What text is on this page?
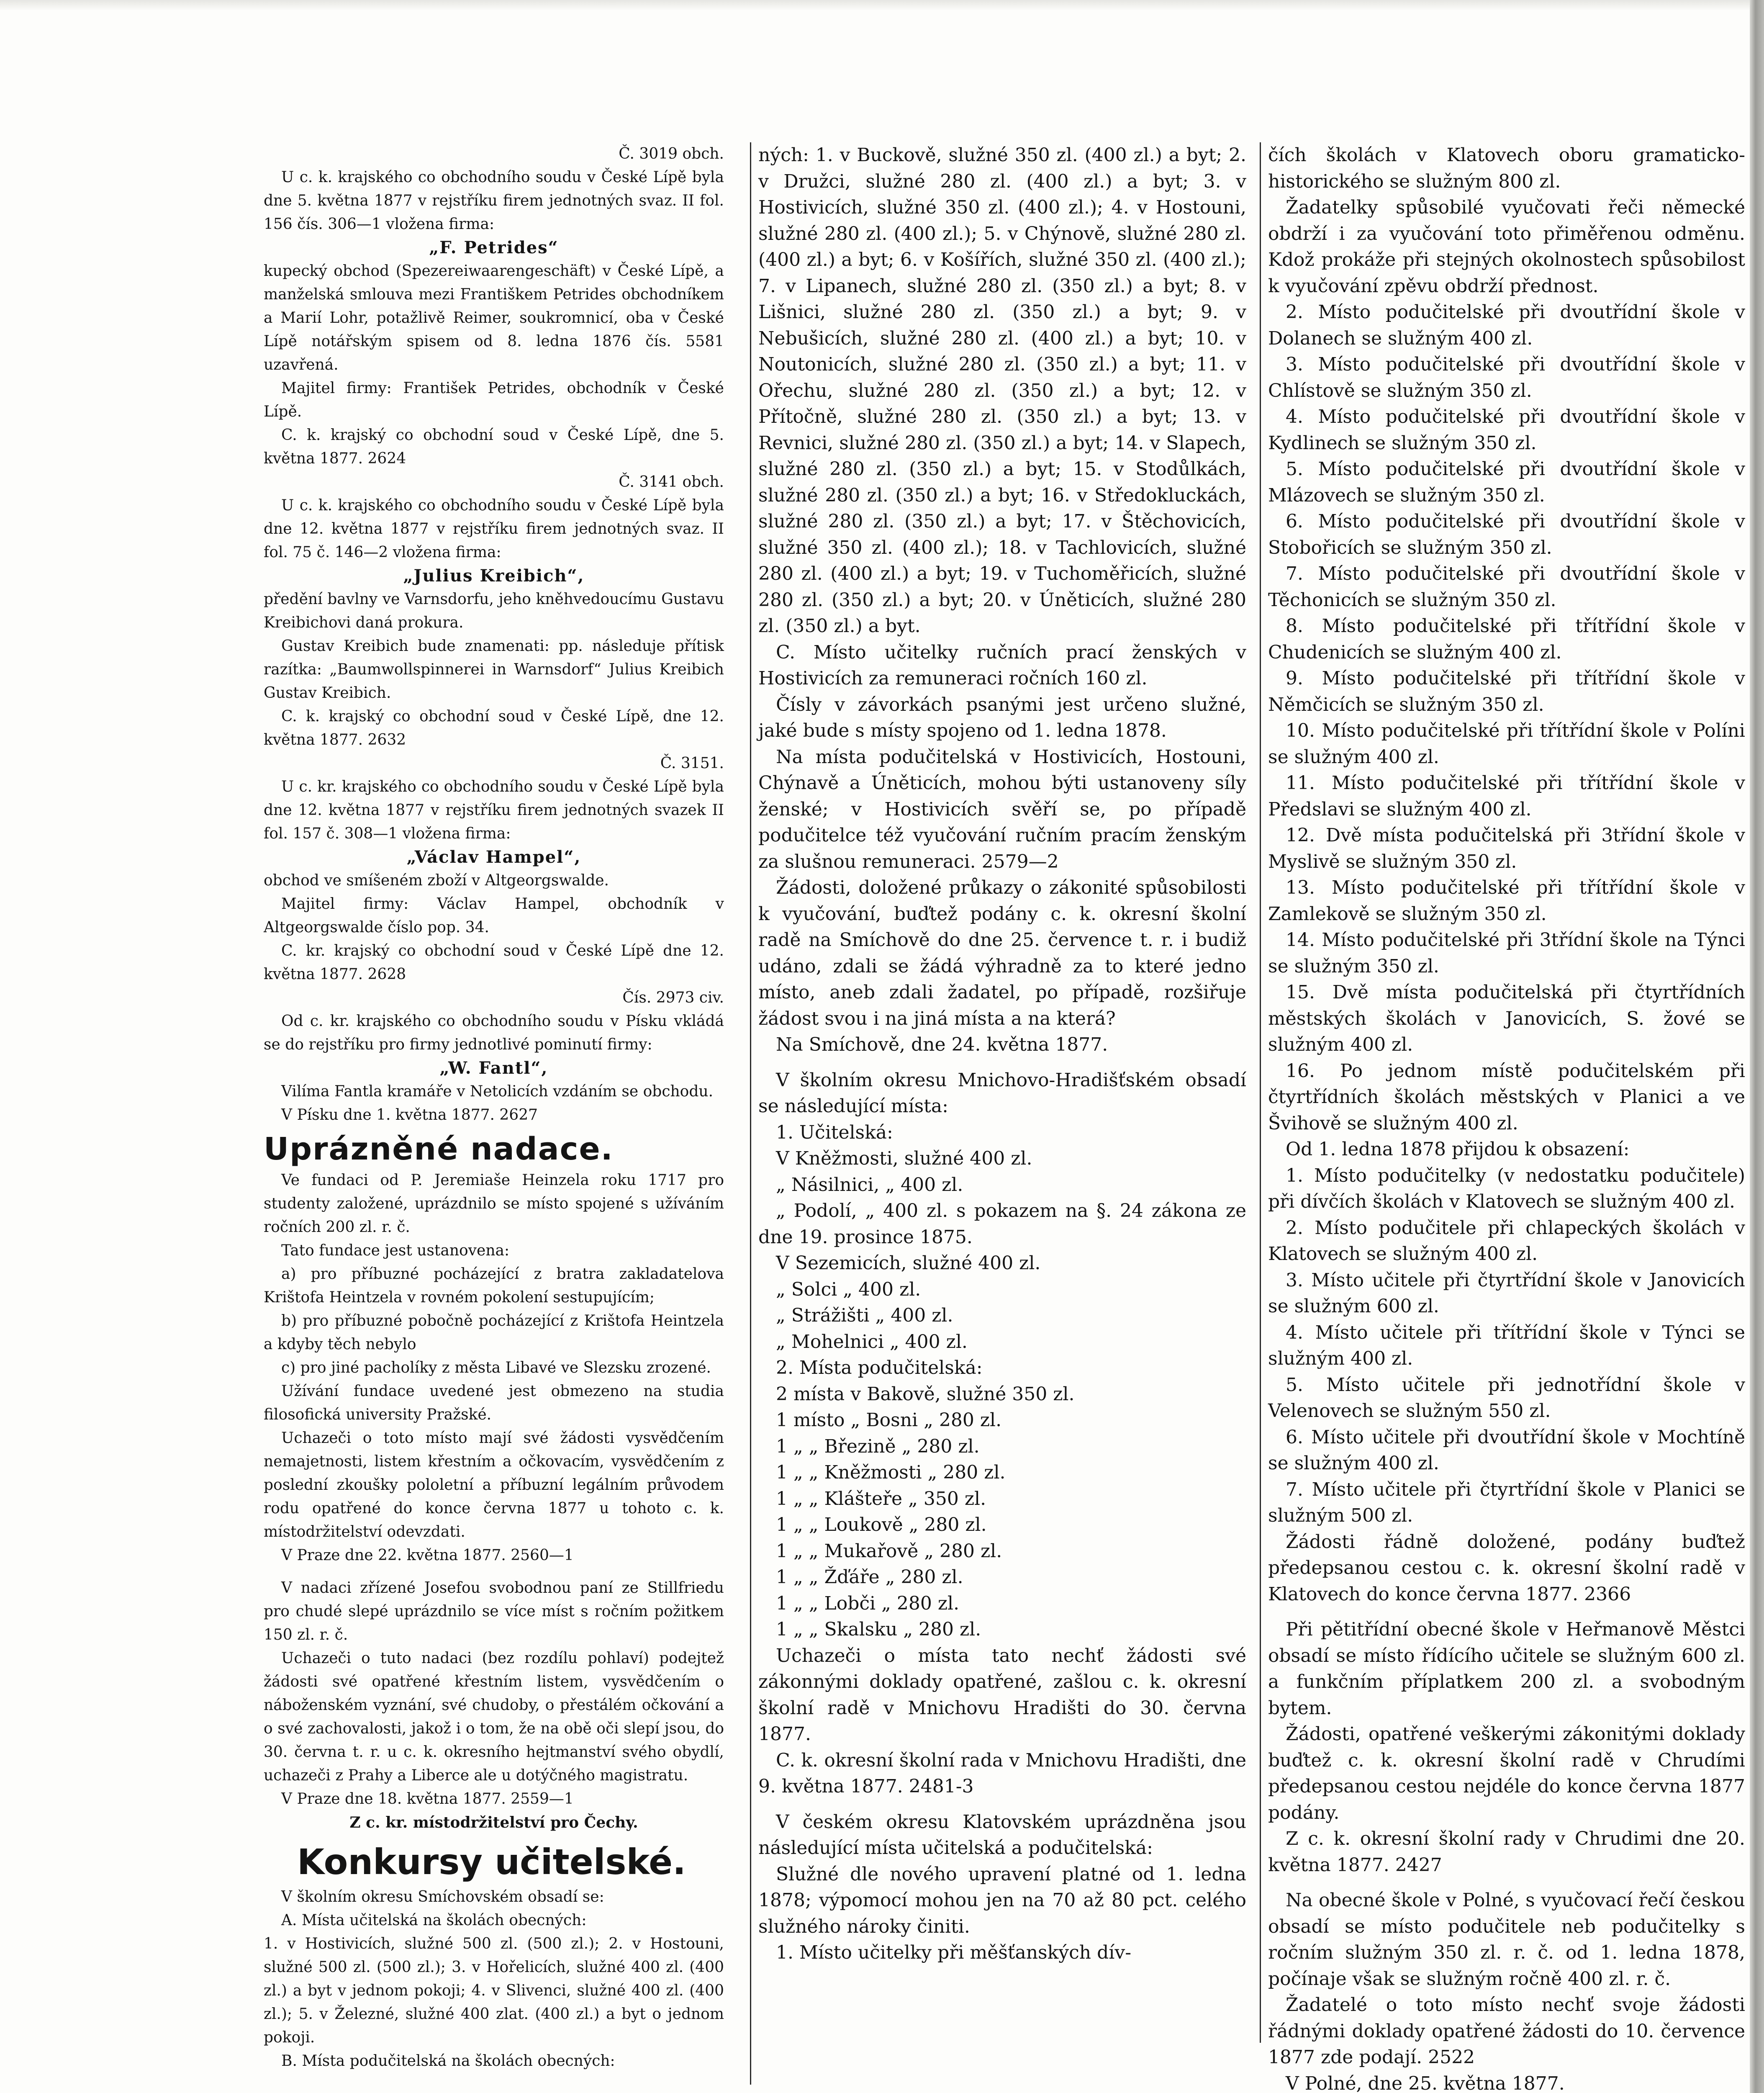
Č. 3019 obch.

U c. k. krajského co obchodního soudu v České Lípě byla dne 5. května 1877 v rejstříku firem jednotných svaz. II fol. 156 čís. 306—1 vložena firma:

„F. Petrides“

kupecký obchod (Spezereiwaarengeschäft) v České Lípě, a manželská smlouva mezi Františkem Petrides obchodníkem a Marií Lohr, potažlivě Reimer, soukromnicí, oba v České Lípě notářským spisem od 8. ledna 1876 čís. 5581 uzavřená.

Majitel firmy: František Petrides, obchodník v České Lípě.

C. k. krajský co obchodní soud v České Lípě, dne 5. května 1877. 2624

Č. 3141 obch.

U c. k. krajského co obchodního soudu v České Lípě byla dne 12. května 1877 v rejstříku firem jednotných svaz. II fol. 75 č. 146—2 vložena firma:

„Julius Kreibich“,

předění bavlny ve Varnsdorfu, jeho kněhvedoucímu Gustavu Kreibichovi daná prokura.

Gustav Kreibich bude znamenati: pp. následuje přítisk razítka: „Baumwollspinnerei in Warnsdorf“ Julius Kreibich Gustav Kreibich.

C. k. krajský co obchodní soud v České Lípě, dne 12. května 1877. 2632

Č. 3151.

U c. kr. krajského co obchodního soudu v České Lípě byla dne 12. května 1877 v rejstříku firem jednotných svazek II fol. 157 č. 308—1 vložena firma:

„Václav Hampel“,

obchod ve smíšeném zboží v Altgeorgswalde.

Majitel firmy: Václav Hampel, obchodník v Altgeorgswalde číslo pop. 34.

C. kr. krajský co obchodní soud v České Lípě dne 12. května 1877. 2628

Čís. 2973 civ.

Od c. kr. krajského co obchodního soudu v Písku vkládá se do rejstříku pro firmy jednotlivé pominutí firmy:

„W. Fantl“,

Vilíma Fantla kramáře v Netolicích vzdáním se obchodu.

V Písku dne 1. května 1877. 2627

Uprázněné nadace.

Ve fundaci od P. Jeremiaše Heinzela roku 1717 pro studenty založené, uprázdnilo se místo spojené s užíváním ročních 200 zl. r. č.

Tato fundace jest ustanovena:

a) pro příbuzné pocházející z bratra zakladatelova Krištofa Heintzela v rovném pokolení sestupujícím;

b) pro příbuzné pobočně pocházející z Krištofa Heintzela a kdyby těch nebylo

c) pro jiné pacholíky z města Libavé ve Slezsku zrozené.

Užívání fundace uvedené jest obmezeno na studia filosofická university Pražské.

Uchazeči o toto místo mají své žádosti vysvědčením nemajetnosti, listem křestním a očkovacím, vysvědčením z poslední zkoušky pololetní a příbuzní legálním průvodem rodu opatřené do konce června 1877 u tohoto c. k. místodržitelství odevzdati.

V Praze dne 22. května 1877. 2560—1

V nadaci zřízené Josefou svobodnou paní ze Stillfriedu pro chudé slepé uprázdnilo se více míst s ročním požitkem 150 zl. r. č.

Uchazeči o tuto nadaci (bez rozdílu pohlaví) podejtež žádosti své opatřené křestním listem, vysvědčením o náboženském vyznání, své chudoby, o přestálém očkování a o své zachovalosti, jakož i o tom, že na obě oči slepí jsou, do 30. června t. r. u c. k. okresního hejtmanství svého obydlí, uchazeči z Prahy a Liberce ale u dotýčného magistratu.

V Praze dne 18. května 1877. 2559—1

Z c. kr. místodržitelství pro Čechy.

Konkursy učitelské.

V školním okresu Smíchovském obsadí se:

A. Místa učitelská na školách obecných:

1. v Hostivicích, služné 500 zl. (500 zl.); 2. v Hostouni, služné 500 zl. (500 zl.); 3. v Hořelicích, služné 400 zl. (400 zl.) a byt v jednom pokoji; 4. v Slivenci, služné 400 zl. (400 zl.); 5. v Železné, služné 400 zlat. (400 zl.) a byt o jednom pokoji.

B. Místa podučitelská na školách obecných:

ných: 1. v Buckově, služné 350 zl. (400 zl.) a byt; 2. v Družci, služné 280 zl. (400 zl.) a byt; 3. v Hostivicích, služné 350 zl. (400 zl.); 4. v Hostouni, služné 280 zl. (400 zl.); 5. v Chýnově, služné 280 zl. (400 zl.) a byt; 6. v Košířích, služné 350 zl. (400 zl.); 7. v Lipanech, služné 280 zl. (350 zl.) a byt; 8. v Lišnici, služné 280 zl. (350 zl.) a byt; 9. v Nebušicích, služné 280 zl. (400 zl.) a byt; 10. v Noutonicích, služné 280 zl. (350 zl.) a byt; 11. v Ořechu, služné 280 zl. (350 zl.) a byt; 12. v Přítočně, služné 280 zl. (350 zl.) a byt; 13. v Revnici, služné 280 zl. (350 zl.) a byt; 14. v Slapech, služné 280 zl. (350 zl.) a byt; 15. v Stodůlkách, služné 280 zl. (350 zl.) a byt; 16. v Středokluckách, služné 280 zl. (350 zl.) a byt; 17. v Štěchovicích, služné 350 zl. (400 zl.); 18. v Tachlovicích, služné 280 zl. (400 zl.) a byt; 19. v Tuchoměřicích, služné 280 zl. (350 zl.) a byt; 20. v Úněticích, služné 280 zl. (350 zl.) a byt.

C. Místo učitelky ručních prací ženských v Hostivicích za remuneraci ročních 160 zl.

Čísly v závorkách psanými jest určeno služné, jaké bude s místy spojeno od 1. ledna 1878.

Na místa podučitelská v Hostivicích, Hostouni, Chýnavě a Úněticích, mohou býti ustanoveny síly ženské; v Hostivicích svěří se, po případě podučitelce též vyučování ručním pracím ženským za slušnou remuneraci. 2579—2

Žádosti, doložené průkazy o zákonité spůsobilosti k vyučování, buďtež podány c. k. okresní školní radě na Smíchově do dne 25. července t. r. i budiž udáno, zdali se žádá výhradně za to které jedno místo, aneb zdali žadatel, po případě, rozšiřuje žádost svou i na jiná místa a na která?

Na Smíchově, dne 24. května 1877.

V školním okresu Mnichovo-Hradišťském obsadí se následující místa:

1. Učitelská:

V Kněžmosti, služné 400 zl.

„ Násilnici, „ 400 zl.

„ Podolí, „ 400 zl. s pokazem na §. 24 zákona ze dne 19. prosince 1875.

V Sezemicích, služné 400 zl.

„ Solci „ 400 zl.

„ Strážišti „ 400 zl.

„ Mohelnici „ 400 zl.

2. Místa podučitelská:

2 místa v Bakově, služné 350 zl.

1 místo „ Bosni „ 280 zl.

1 „ „ Březině „ 280 zl.

1 „ „ Kněžmosti „ 280 zl.

1 „ „ Klášteře „ 350 zl.

1 „ „ Loukově „ 280 zl.

1 „ „ Mukařově „ 280 zl.

1 „ „ Žďáře „ 280 zl.

1 „ „ Lobči „ 280 zl.

1 „ „ Skalsku „ 280 zl.

Uchazeči o místa tato nechť žádosti své zákonnými doklady opatřené, zašlou c. k. okresní školní radě v Mnichovu Hradišti do 30. června 1877.

C. k. okresní školní rada v Mnichovu Hradišti, dne 9. května 1877. 2481-3

V českém okresu Klatovském uprázdněna jsou následující místa učitelská a podučitelská:

Služné dle nového upravení platné od 1. ledna 1878; výpomocí mohou jen na 70 až 80 pct. celého služného nároky činiti.

1. Místo učitelky při měšťanských dív-

čích školách v Klatovech oboru gramaticko-historického se služným 800 zl.

Žadatelky spůsobilé vyučovati řeči německé obdrží i za vyučování toto přiměřenou odměnu. Kdož prokáže při stejných okolnostech spůsobilost k vyučování zpěvu obdrží přednost.

2. Místo podučitelské při dvoutřídní škole v Dolanech se služným 400 zl.

3. Místo podučitelské při dvoutřídní škole v Chlístově se služným 350 zl.

4. Místo podučitelské při dvoutřídní škole v Kydlinech se služným 350 zl.

5. Místo podučitelské při dvoutřídní škole v Mlázovech se služným 350 zl.

6. Místo podučitelské při dvoutřídní škole v Stobořicích se služným 350 zl.

7. Místo podučitelské při dvoutřídní škole v Těchonicích se služným 350 zl.

8. Místo podučitelské při třítřídní škole v Chudenicích se služným 400 zl.

9. Místo podučitelské při třítřídní škole v Němčicích se služným 350 zl.

10. Místo podučitelské při třítřídní škole v Políni se služným 400 zl.

11. Místo podučitelské při třítřídní škole v Předslavi se služným 400 zl.

12. Dvě místa podučitelská při 3třídní škole v Myslivě se služným 350 zl.

13. Místo podučitelské při třítřídní škole v Zamlekově se služným 350 zl.

14. Místo podučitelské při 3třídní škole na Týnci se služným 350 zl.

15. Dvě místa podučitelská při čtyrtřídních městských školách v Janovicích, S. žové se služným 400 zl.

16. Po jednom místě podučitelském při čtyrtřídních školách městských v Planici a ve Švihově se služným 400 zl.

Od 1. ledna 1878 přijdou k obsazení:

1. Místo podučitelky (v nedostatku podučitele) při dívčích školách v Klatovech se služným 400 zl.

2. Místo podučitele při chlapeckých školách v Klatovech se služným 400 zl.

3. Místo učitele při čtyrtřídní škole v Janovicích se služným 600 zl.

4. Místo učitele při třítřídní škole v Týnci se služným 400 zl.

5. Místo učitele při jednotřídní škole v Velenovech se služným 550 zl.

6. Místo učitele při dvoutřídní škole v Mochtíně se služným 400 zl.

7. Místo učitele při čtyrtřídní škole v Planici se služným 500 zl.

Žádosti řádně doložené, podány buďtež předepsanou cestou c. k. okresní školní radě v Klatovech do konce června 1877. 2366

Při pětitřídní obecné škole v Heřmanově Městci obsadí se místo řídícího učitele se služným 600 zl. a funkčním příplatkem 200 zl. a svobodným bytem.

Žádosti, opatřené veškerými zákonitými doklady buďtež c. k. okresní školní radě v Chrudími předepsanou cestou nejdéle do konce června 1877 podány.

Z c. k. okresní školní rady v Chrudimi dne 20. května 1877. 2427

Na obecné škole v Polné, s vyučovací řečí českou obsadí se místo podučitele neb podučitelky s ročním služným 350 zl. r. č. od 1. ledna 1878, počínaje však se služným ročně 400 zl. r. č.

Žadatelé o toto místo nechť svoje žádosti řádnými doklady opatřené žádosti do 10. července 1877 zde podají. 2522

V Polné, dne 25. května 1877.
